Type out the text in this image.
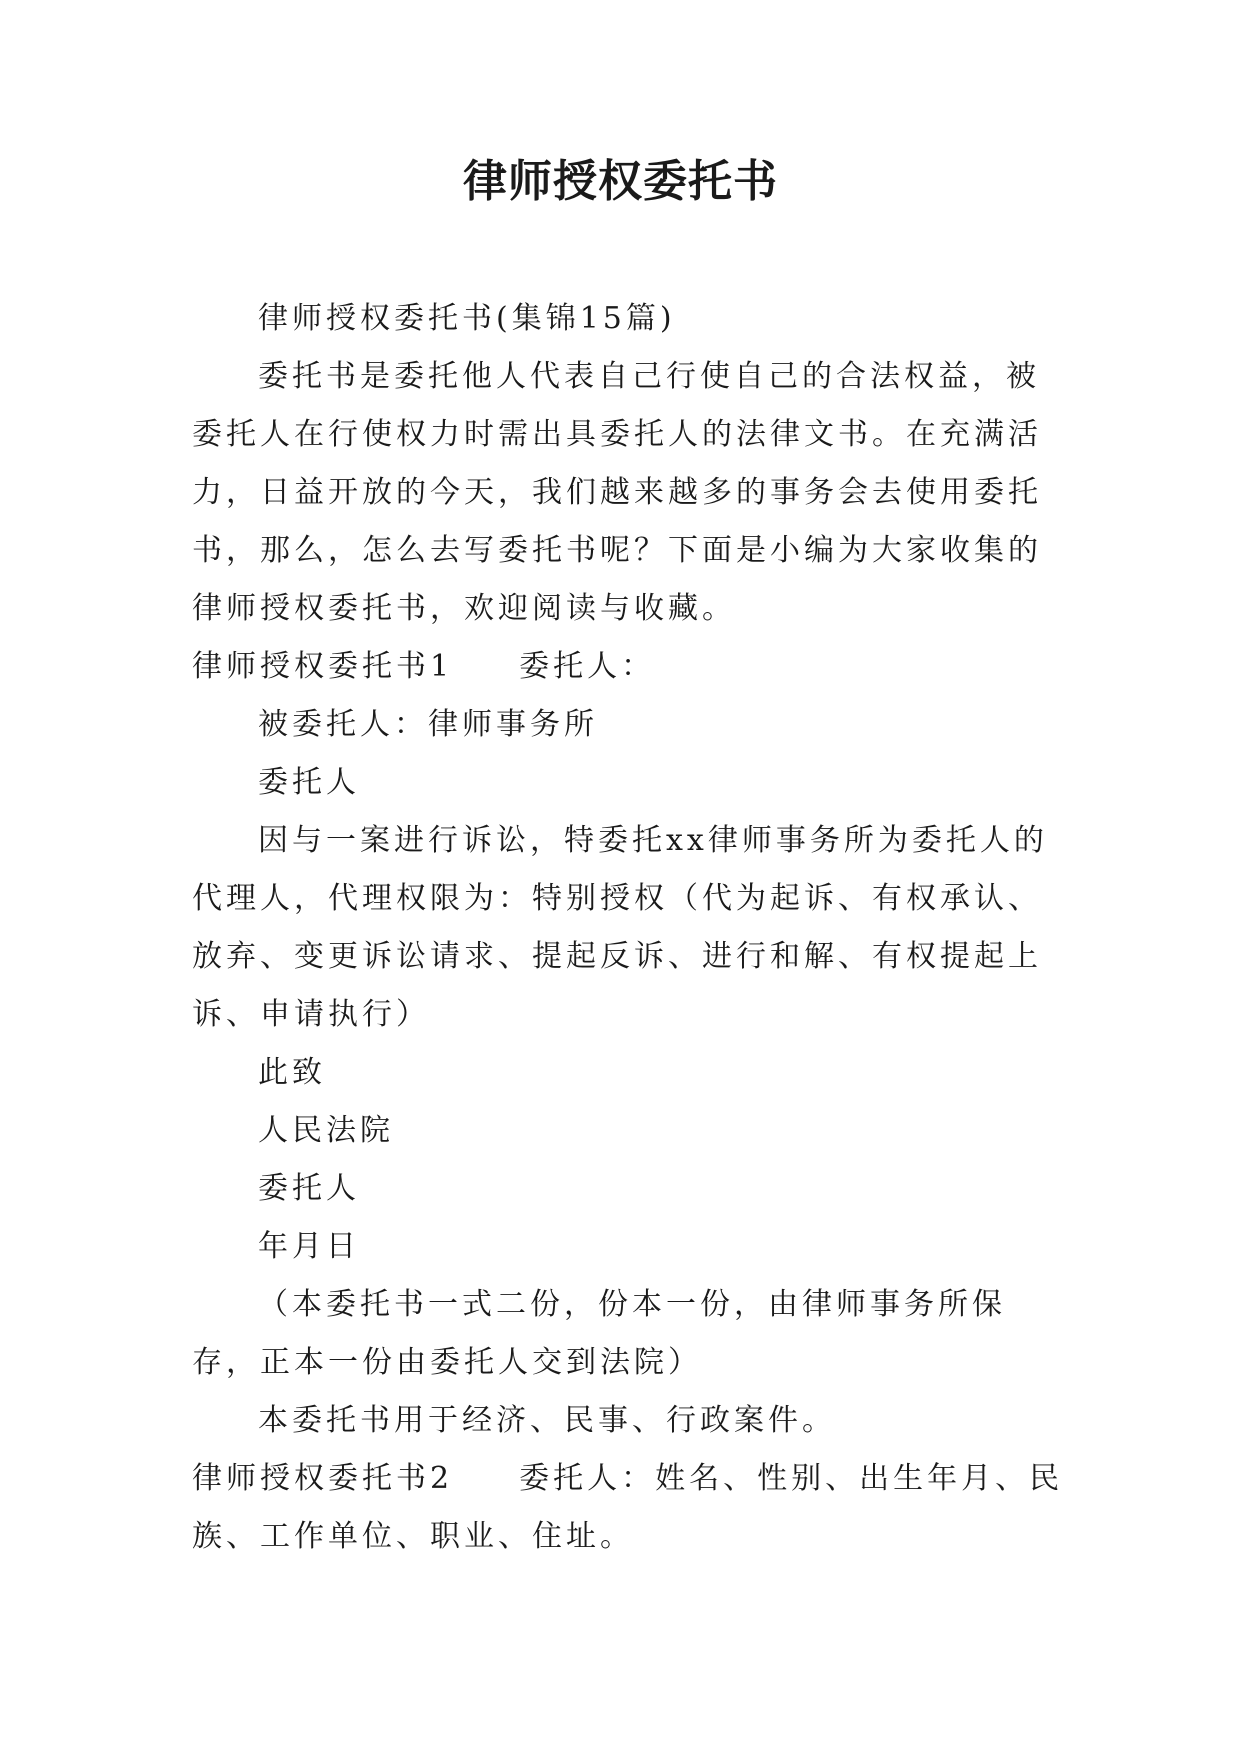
律师授权委托书

律师授权委托书(集锦15篇)

委托书是委托他人代表自己行使自己的合法权益，被委托人在行使权力时需出具委托人的法律文书。在充满活力，日益开放的今天，我们越来越多的事务会去使用委托书，那么，怎么去写委托书呢？下面是小编为大家收集的律师授权委托书，欢迎阅读与收藏。

律师授权委托书1 委托人：

被委托人：律师事务所

委托人

因与一案进行诉讼，特委托xx律师事务所为委托人的代理人，代理权限为：特别授权（代为起诉、有权承认、放弃、变更诉讼请求、提起反诉、进行和解、有权提起上诉、申请执行）

此致

人民法院

委托人

年月日

（本委托书一式二份，份本一份，由律师事务所保存，正本一份由委托人交到法院）

本委托书用于经济、民事、行政案件。

律师授权委托书2 委托人：姓名、性别、出生年月、民族、工作单位、职业、住址。
